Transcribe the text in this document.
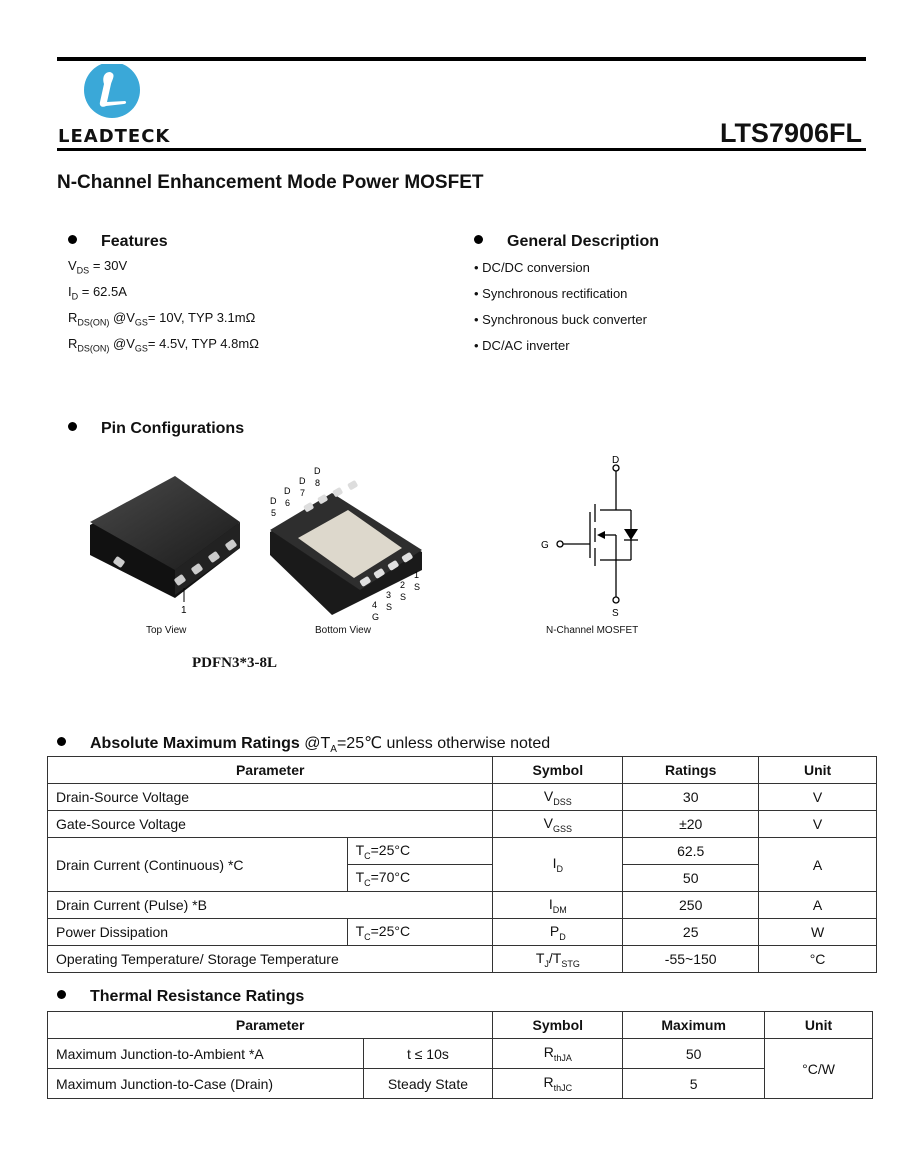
LEADTECK	LTS7906FL
N-Channel Enhancement Mode Power MOSFET
Features
$V_{DS} = 30V$
$I_D = 62.5A$
$R_{DS(ON)}$ $@V_{GS}= 10V$, TYP 3.1mΩ
$R_{DS(ON)}$ $@V_{GS}= 4.5V$, TYP 4.8mΩ
General Description
• DC/DC conversion
• Synchronous rectification
• Synchronous buck converter
• DC/AC inverter
Pin Configurations
1
Top View
D
5
D
6
D
7
D
8
1
S
2
S
3
S
4
G
Bottom View
D
G
S
N-Channel MOSFET
PDFN3*3-8L
Absolute Maximum Ratings $@T_A=25℃$ unless otherwise noted
Parameter		Symbol	Ratings	Unit
Drain-Source Voltage		$V_{DSS}$	30	V
Gate-Source Voltage		$V_{GSS}$	±20	V
Drain Current (Continuous) *C	$T_C=25^\circ C$	$I_D$	62.5	A
	$T_C=70^\circ C$		50	
Drain Current (Pulse) *B		$I_{DM}$	250	A
Power Dissipation	$T_C=25^\circ C$	$P_D$	25	W
Operating Temperature/ Storage Temperature		$T_J/T_{STG}$	-55~150	°C
Thermal Resistance Ratings
Parameter		Symbol	Maximum	Unit
Maximum Junction-to-Ambient *A	t ≤ 10s	$R_{thJA}$	50	°C/W
Maximum Junction-to-Case (Drain)	Steady State	$R_{thJC}$	5	
